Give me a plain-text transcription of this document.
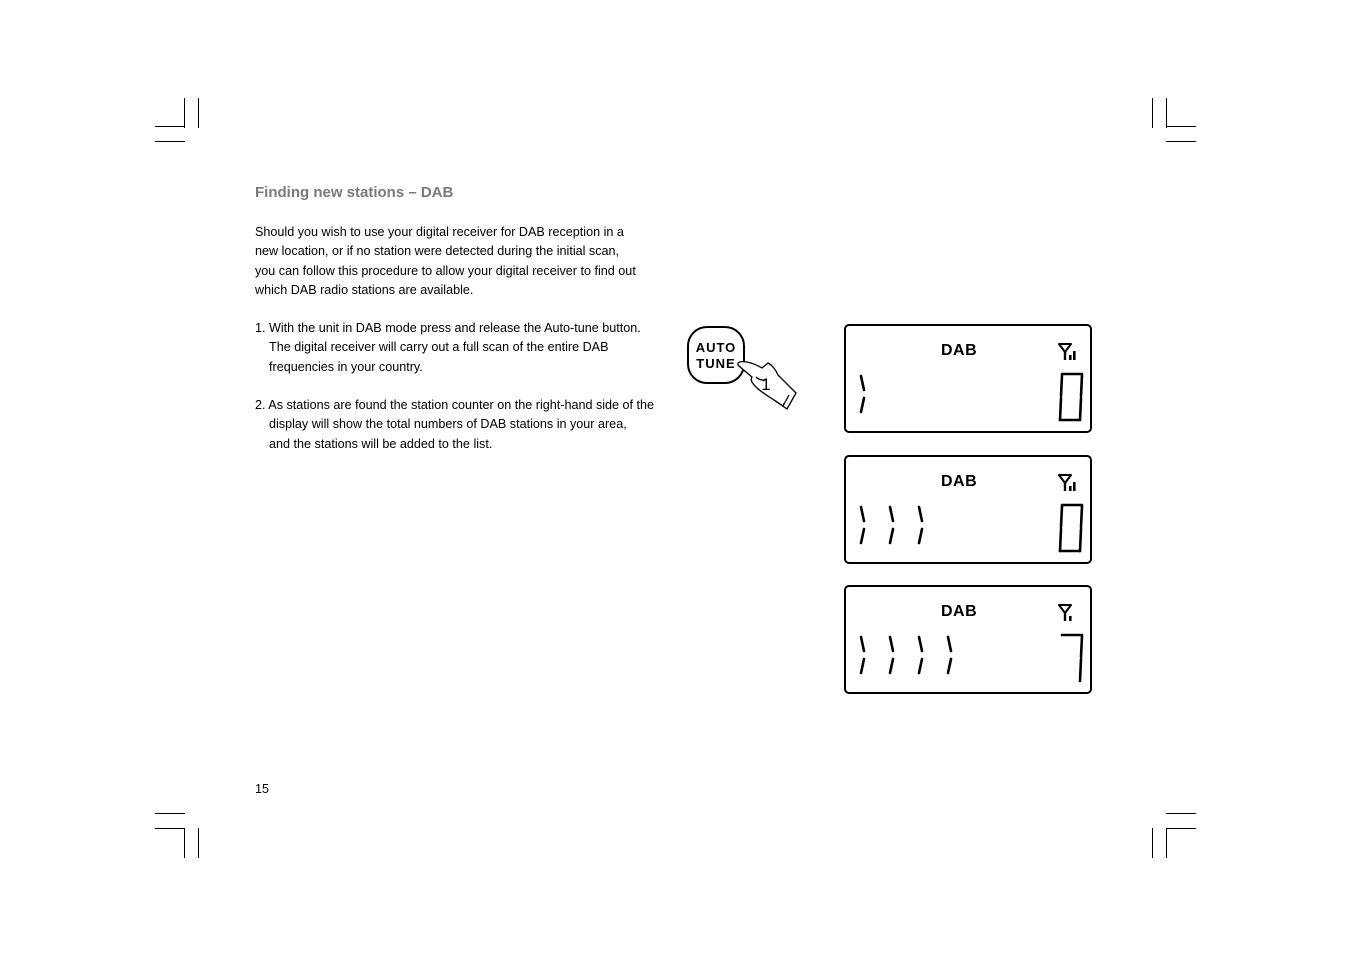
Finding new stations – DAB

Should you wish to use your digital receiver for DAB reception in a
new location, or if no station were detected during the initial scan,
you can follow this procedure to allow your digital receiver to find out
which DAB radio stations are available.

1. With the unit in DAB mode press and release the Auto-tune button.
The digital receiver will carry out a full scan of the entire DAB
frequencies in your country.

2. As stations are found the station counter on the right-hand side of the
display will show the total numbers of DAB stations in your area,
and the stations will be added to the list.

15
AUTO
TUNE
1
DAB
DAB
DAB
